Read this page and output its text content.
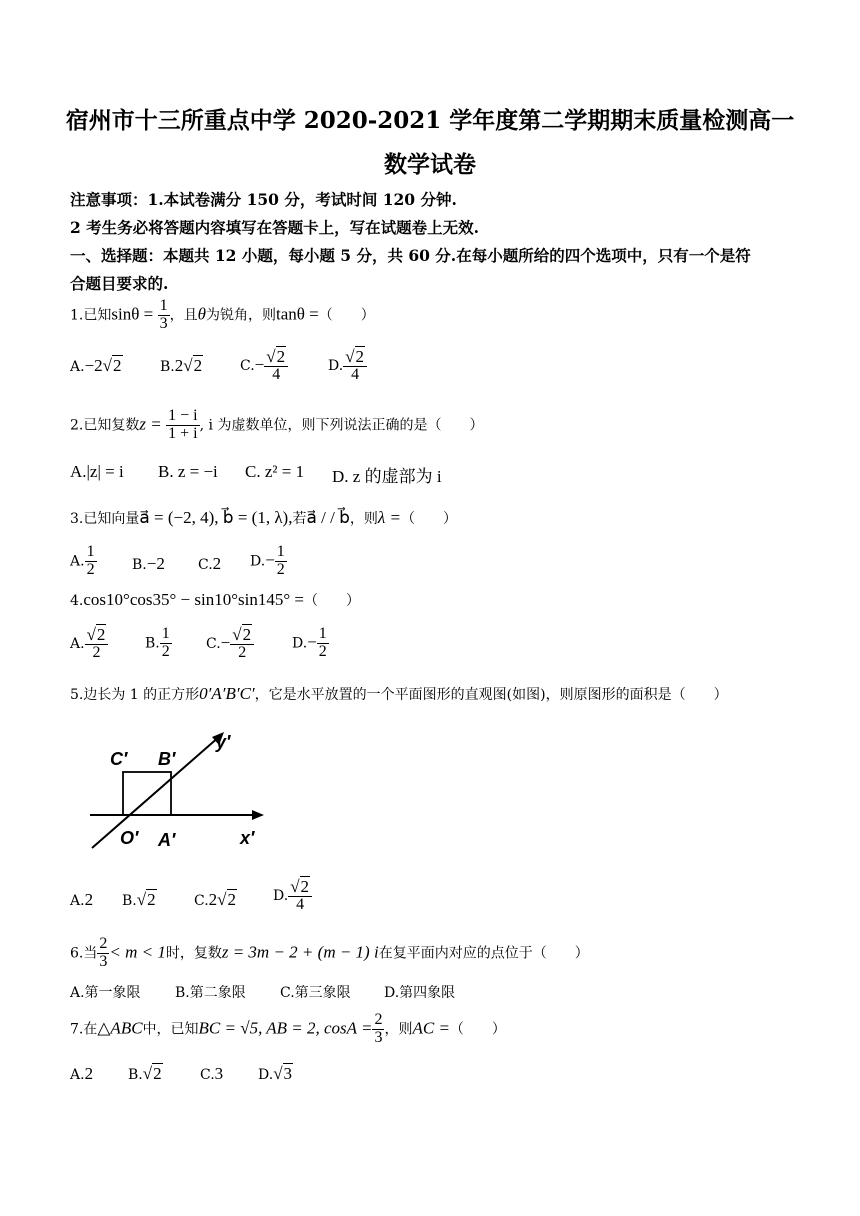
宿州市十三所重点中学 2020-2021 学年度第二学期期末质量检测高一
数学试卷
注意事项：1.本试卷满分 150 分，考试时间 120 分钟.
2 考生务必将答题内容填写在答题卡上，写在试题卷上无效.
一、选择题：本题共 12 小题，每小题 5 分，共 60 分.在每小题所给的四个选项中，只有一个是符
合题目要求的.
1.已知$\sin\theta = \frac{1}{3}$ ，且θ为锐角，则tanθ =（　　）
A.−2√2	B.2√2	$C.- \frac{√2}{4}$	D. $\frac{√2}{4}$
2.已知复数$z = \frac{1 - i}{1 + i}$ , i 为虚数单位，则下列说法正确的是（　　）
A.|z| = i B. z = −i C. z² = 1 D. z 的虚部为 i
3.已知向量a⃗ = (−2, 4), b⃗ = (1, λ),若a⃗ / / b⃗，则λ =（　　）
A. $\frac{1}{2}$	B.−2 C.2 $D.- \frac{1}{2}$
4.cos10°cos35° − sin10°sin145° =（　　）
A. $\frac{√2}{2}$	B. $\frac{1}{2} C.- \frac{√2}{2}$	$D.- \frac{1}{2}$
5.边长为 1 的正方形0′A′B′C′，它是水平放置的一个平面图形的直观图(如图)，则原图形的面积是（　　）
C′ B′
y′
O′ A′	x′
A.2 B.√2	C.2√2	D. $\frac{√2}{4}$
6.当 $\frac{2}{3} < m < 1$时，复数z = 3m − 2 + (m − 1) i在复平面内对应的点位于（　　）
A.第一象限 B.第二象限 C.第三象限 D.第四象限
7.在△ABC中，已知BC = √5, AB = 2, $\cos A = \frac{2}{3}$ ，则AC =（　　）
A.2 B.√2	C.3 D.√3
